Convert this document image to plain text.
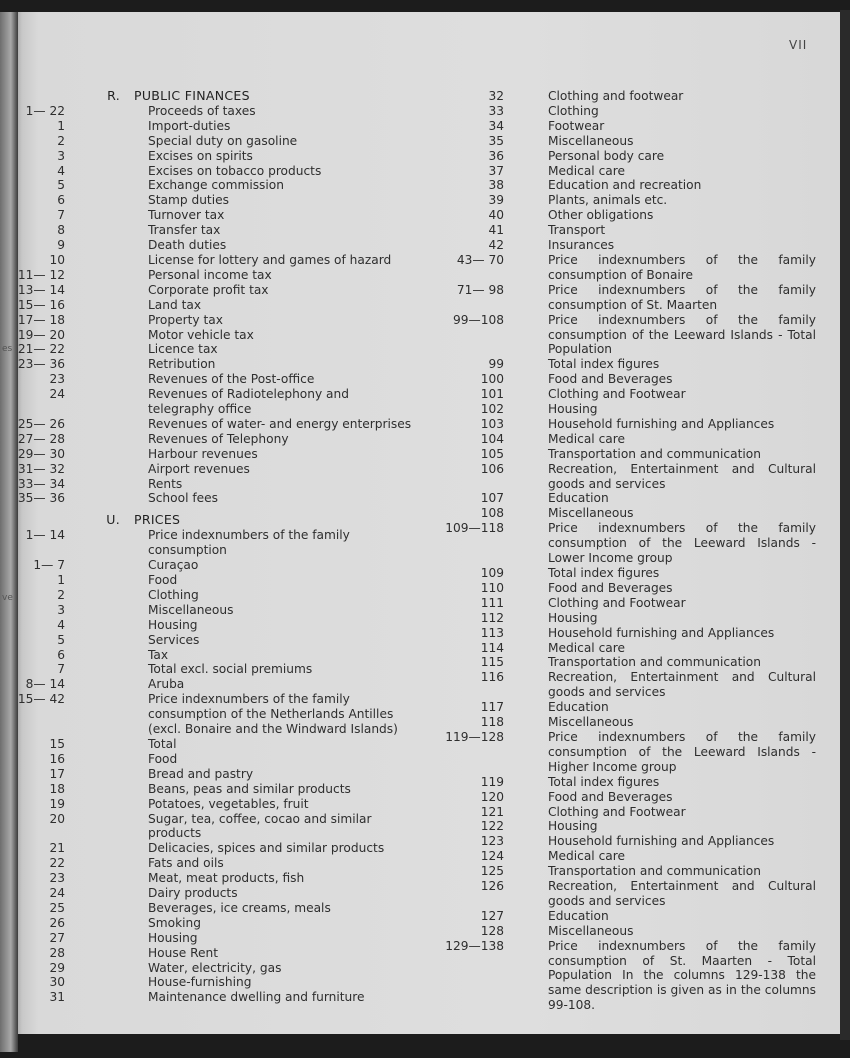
VII
es
ve
R. PUBLIC FINANCES
1— 22	Proceeds of taxes
1	Import-duties
2	Special duty on gasoline
3	Excises on spirits
4	Excises on tobacco products
5	Exchange commission
6	Stamp duties
7	Turnover tax
8	Transfer tax
9	Death duties
10	License for lottery and games of hazard
11— 12	Personal income tax
13— 14	Corporate profit tax
15— 16	Land tax
17— 18	Property tax
19— 20	Motor vehicle tax
21— 22	Licence tax
23— 36	Retribution
23	Revenues of the Post-office
24	Revenues of Radiotelephony and telegraphy office
25— 26	Revenues of water- and energy enterprises
27— 28	Revenues of Telephony
29— 30	Harbour revenues
31— 32	Airport revenues
33— 34	Rents
35— 36	School fees
U. PRICES
1— 14	Price indexnumbers of the family consumption
1— 7	Curaçao
1	Food
2	Clothing
3	Miscellaneous
4	Housing
5	Services
6	Tax
7	Total excl. social premiums
8— 14	Aruba
15— 42	Price indexnumbers of the family consumption of the Netherlands Antilles (excl. Bonaire and the Windward Islands)
15	Total
16	Food
17	Bread and pastry
18	Beans, peas and similar products
19	Potatoes, vegetables, fruit
20	Sugar, tea, coffee, cocao and similar products
21	Delicacies, spices and similar products
22	Fats and oils
23	Meat, meat products, fish
24	Dairy products
25	Beverages, ice creams, meals
26	Smoking
27	Housing
28	House Rent
29	Water, electricity, gas
30	House-furnishing
31	Maintenance dwelling and furniture
32	Clothing and footwear
33	Clothing
34	Footwear
35	Miscellaneous
36	Personal body care
37	Medical care
38	Education and recreation
39	Plants, animals etc.
40	Other obligations
41	Transport
42	Insurances
43— 70	Price indexnumbers of the family consumption of Bonaire
71— 98	Price indexnumbers of the family consumption of St. Maarten
99—108	Price indexnumbers of the family consumption of the Leeward Islands - Total Population
99	Total index figures
100	Food and Beverages
101	Clothing and Footwear
102	Housing
103	Household furnishing and Appliances
104	Medical care
105	Transportation and communication
106	Recreation, Entertainment and Cultural goods and services
107	Education
108	Miscellaneous
109—118	Price indexnumbers of the family consumption of the Leeward Islands - Lower Income group
109	Total index figures
110	Food and Beverages
111	Clothing and Footwear
112	Housing
113	Household furnishing and Appliances
114	Medical care
115	Transportation and communication
116	Recreation, Entertainment and Cultural goods and services
117	Education
118	Miscellaneous
119—128	Price indexnumbers of the family consumption of the Leeward Islands - Higher Income group
119	Total index figures
120	Food and Beverages
121	Clothing and Footwear
122	Housing
123	Household furnishing and Appliances
124	Medical care
125	Transportation and communication
126	Recreation, Entertainment and Cultural goods and services
127	Education
128	Miscellaneous
129—138	Price indexnumbers of the family consumption of St. Maarten - Total Population In the columns 129-138 the same description is given as in the columns 99-108.
